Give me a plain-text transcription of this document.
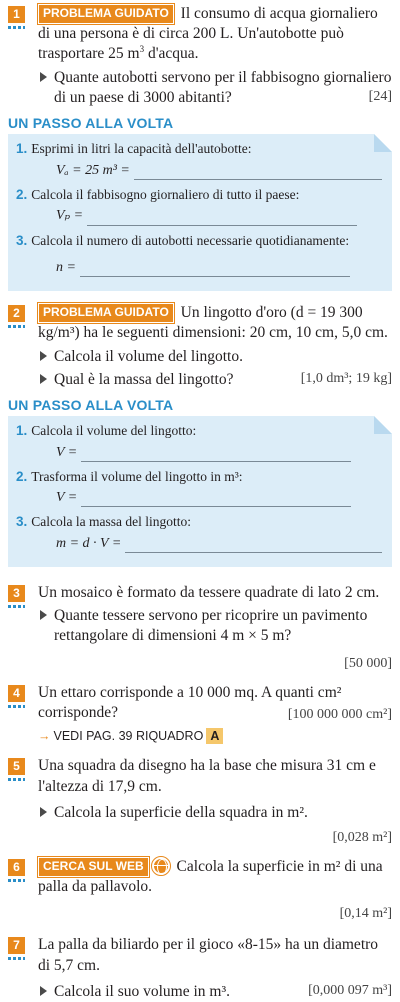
1	PROBLEMA GUIDATO Il consumo di acqua giornaliero di una persona è di circa 200 L. Un'autobotte può trasportare 25 $m^3$ d'acqua.
Quante autobotti servono per il fabbisogno giornaliero di un paese di 3000 abitanti?	[24]
UN PASSO ALLA VOLTA
1. Esprimi in litri la capacità dell'autobotte:
Vₐ = 25 m³ =
2. Calcola il fabbisogno giornaliero di tutto il paese:
Vₚ =
3. Calcola il numero di autobotti necessarie quotidianamente:
n =
2	PROBLEMA GUIDATO Un lingotto d'oro (d = 19 300 kg/m³) ha le seguenti dimensioni: 20 cm, 10 cm, 5,0 cm.
Calcola il volume del lingotto.
Qual è la massa del lingotto?	[1,0 dm³; 19 kg]
UN PASSO ALLA VOLTA
1. Calcola il volume del lingotto:
V =
2. Trasforma il volume del lingotto in m³:
V =
3. Calcola la massa del lingotto:
m = d · V =
3	Un mosaico è formato da tessere quadrate di lato 2 cm.
Quante tessere servono per ricoprire un pavimento rettangolare di dimensioni 4 m × 5 m?
[50 000]
4	Un ettaro corrisponde a 10 000 mq. A quanti cm² corrisponde?	[100 000 000 cm²]
→ VEDI PAG. 39 RIQUADRO A
5	Una squadra da disegno ha la base che misura 31 cm e l'altezza di 17,9 cm.
Calcola la superficie della squadra in m².
[0,028 m²]
6	CERCA SUL WEB Calcola la superficie in m² di una palla da pallavolo.
[0,14 m²]
7	La palla da biliardo per il gioco «8-15» ha un diametro di 5,7 cm.
Calcola il suo volume in m³.	[0,000 097 m³]
